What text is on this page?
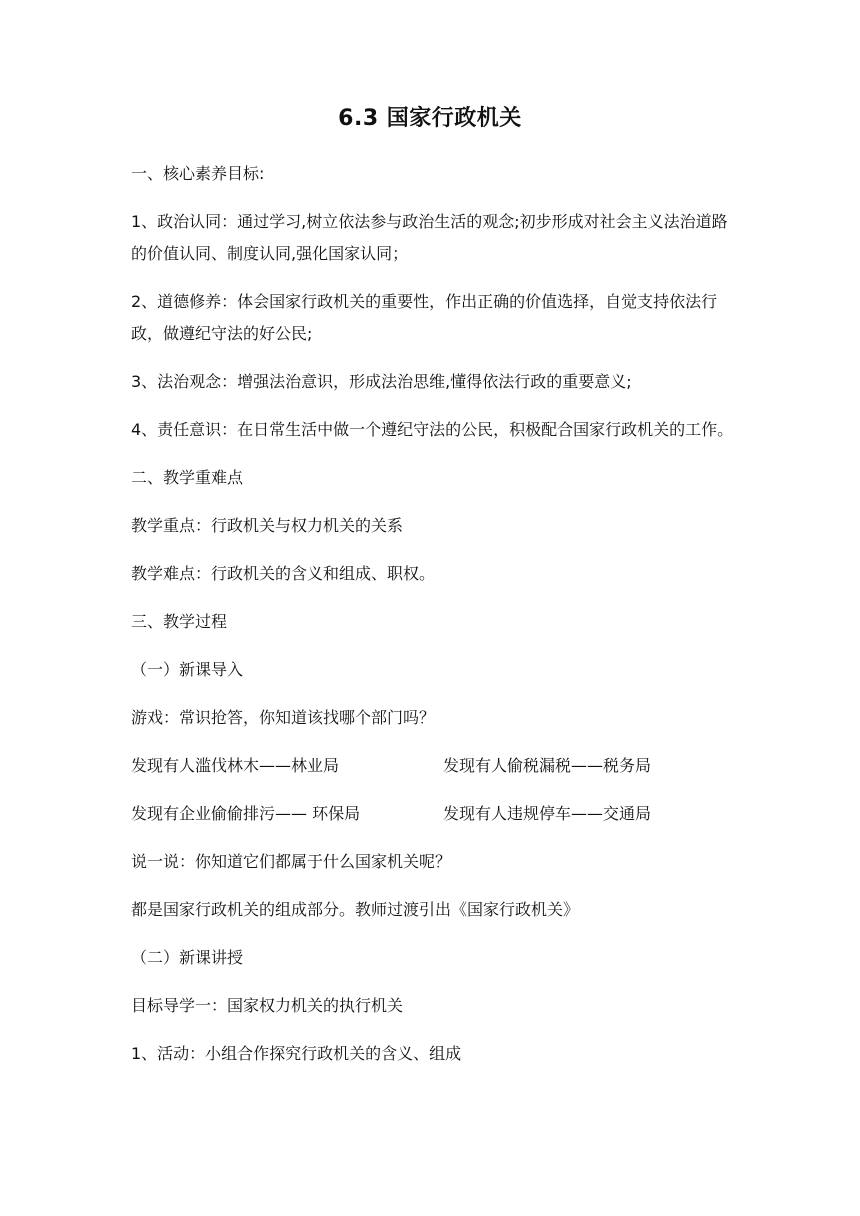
6.3 国家行政机关

一、核心素养目标:

1、政治认同：通过学习,树立依法参与政治生活的观念;初步形成对社会主义法治道路的价值认同、制度认同,强化国家认同；

2、道德修养：体会国家行政机关的重要性，作出正确的价值选择，自觉支持依法行政，做遵纪守法的好公民;

3、法治观念：增强法治意识，形成法治思维,懂得依法行政的重要意义;

4、责任意识：在日常生活中做一个遵纪守法的公民，积极配合国家行政机关的工作。

二、教学重难点

教学重点：行政机关与权力机关的关系

教学难点：行政机关的含义和组成、职权。

三、教学过程

（一）新课导入

游戏：常识抢答，你知道该找哪个部门吗？

发现有人滥伐林木——林业局	发现有人偷税漏税——税务局
发现有企业偷偷排污—— 环保局	发现有人违规停车——交通局

说一说：你知道它们都属于什么国家机关呢？

都是国家行政机关的组成部分。教师过渡引出《国家行政机关》

（二）新课讲授

目标导学一：国家权力机关的执行机关

1、活动：小组合作探究行政机关的含义、组成
